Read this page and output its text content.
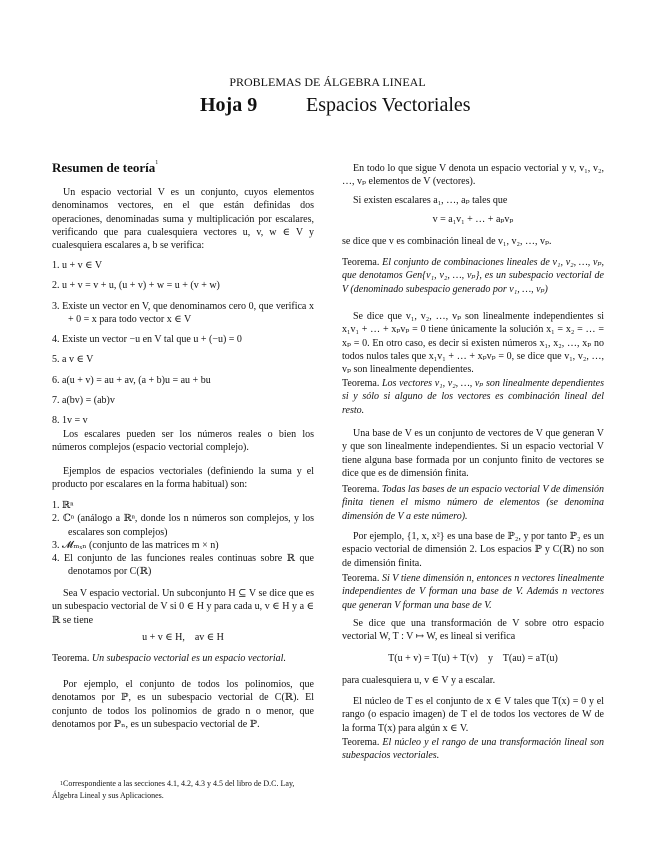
PROBLEMAS DE ÁLGEBRA LINEAL
Hoja 9 Espacios Vectoriales
Resumen de teoría$^1$
Un espacio vectorial V es un conjunto, cuyos elementos denominamos vectores, en el que están definidas dos operaciones, denominadas suma y multiplicación por escalares, verificando que para cualesquiera vectores u, v, w ∈ V y cualesquiera escalares a, b se verifica:
1. u + v ∈ V
2. u + v = v + u, (u + v) + w = u + (v + w)
3. Existe un vector en V, que denominamos cero 0, que verifica x + 0 = x para todo vector x ∈ V
4. Existe un vector −u en V tal que u + (−u) = 0
5. a v ∈ V
6. a(u + v) = au + av, (a + b)u = au + bu
7. a(bv) = (ab)v
8. 1v = v
Los escalares pueden ser los números reales o bien los números complejos (espacio vectorial complejo).
Ejemplos de espacios vectoriales (definiendo la suma y el producto por escalares en la forma habitual) son:
1. ℝⁿ
2. ℂⁿ (análogo a ℝⁿ, donde los n números son complejos, y los escalares son complejos)
3. 𝓜ₘₓₙ (conjunto de las matrices m × n)
4. El conjunto de las funciones reales continuas sobre ℝ que denotamos por C(ℝ)
Sea V espacio vectorial. Un subconjunto H ⊆ V se dice que es un subespacio vectorial de V si 0 ∈ H y para cada u, v ∈ H y a ∈ ℝ se tiene
u + v ∈ H,    av ∈ H
Teorema. Un subespacio vectorial es un espacio vectorial.
Por ejemplo, el conjunto de todos los polinomios, que denotamos por ℙ, es un subespacio vectorial de C(ℝ). El conjunto de todos los polinomios de grado n o menor, que denotamos por ℙₙ, es un subespacio vectorial de ℙ.
$^1$Correspondiente a las secciones 4.1, 4.2, 4.3 y 4.5 del libro de D.C. Lay, Álgebra Lineal y sus Aplicaciones.
En todo lo que sigue V denota un espacio vectorial y v, v₁, v₂, …, vₚ elementos de V (vectores).
Si existen escalares a₁, …, aₚ tales que
v = a₁v₁ + … + aₚvₚ
se dice que v es combinación lineal de v₁, v₂, …, vₚ.
Teorema. El conjunto de combinaciones lineales de v₁, v₂, …, vₚ, que denotamos Gen{v₁, v₂, …, vₚ}, es un subespacio vectorial de V (denominado subespacio generado por v₁, …, vₚ)
Se dice que v₁, v₂, …, vₚ son linealmente independientes si x₁v₁ + … + xₚvₚ = 0 tiene únicamente la solución x₁ = x₂ = … = xₚ = 0. En otro caso, es decir si existen números x₁, x₂, …, xₚ no todos nulos tales que x₁v₁ + … + xₚvₚ = 0, se dice que v₁, v₂, …, vₚ son linealmente dependientes.
Teorema. Los vectores v₁, v₂, …, vₚ son linealmente dependientes si y sólo si alguno de los vectores es combinación lineal del resto.
Una base de V es un conjunto de vectores de V que generan V y que son linealmente independientes. Si un espacio vectorial V tiene alguna base formada por un conjunto finito de vectores se dice que es de dimensión finita.
Teorema. Todas las bases de un espacio vectorial V de dimensión finita tienen el mismo número de elementos (se denomina dimensión de V a este número).
Por ejemplo, {1, x, x²} es una base de ℙ₂, y por tanto ℙ₂ es un espacio vectorial de dimensión 2. Los espacios ℙ y C(ℝ) no son de dimensión finita.
Teorema. Si V tiene dimensión n, entonces n vectores linealmente independientes de V forman una base de V. Además n vectores que generan V forman una base de V.
Se dice que una transformación de V sobre otro espacio vectorial W, T : V ↦ W, es lineal si verifica
T(u + v) = T(u) + T(v)    y    T(au) = aT(u)
para cualesquiera u, v ∈ V y a escalar.
El núcleo de T es el conjunto de x ∈ V tales que T(x) = 0 y el rango (o espacio imagen) de T el de todos los vectores de W de la forma T(x) para algún x ∈ V.
Teorema. El núcleo y el rango de una transformación lineal son subespacios vectoriales.
